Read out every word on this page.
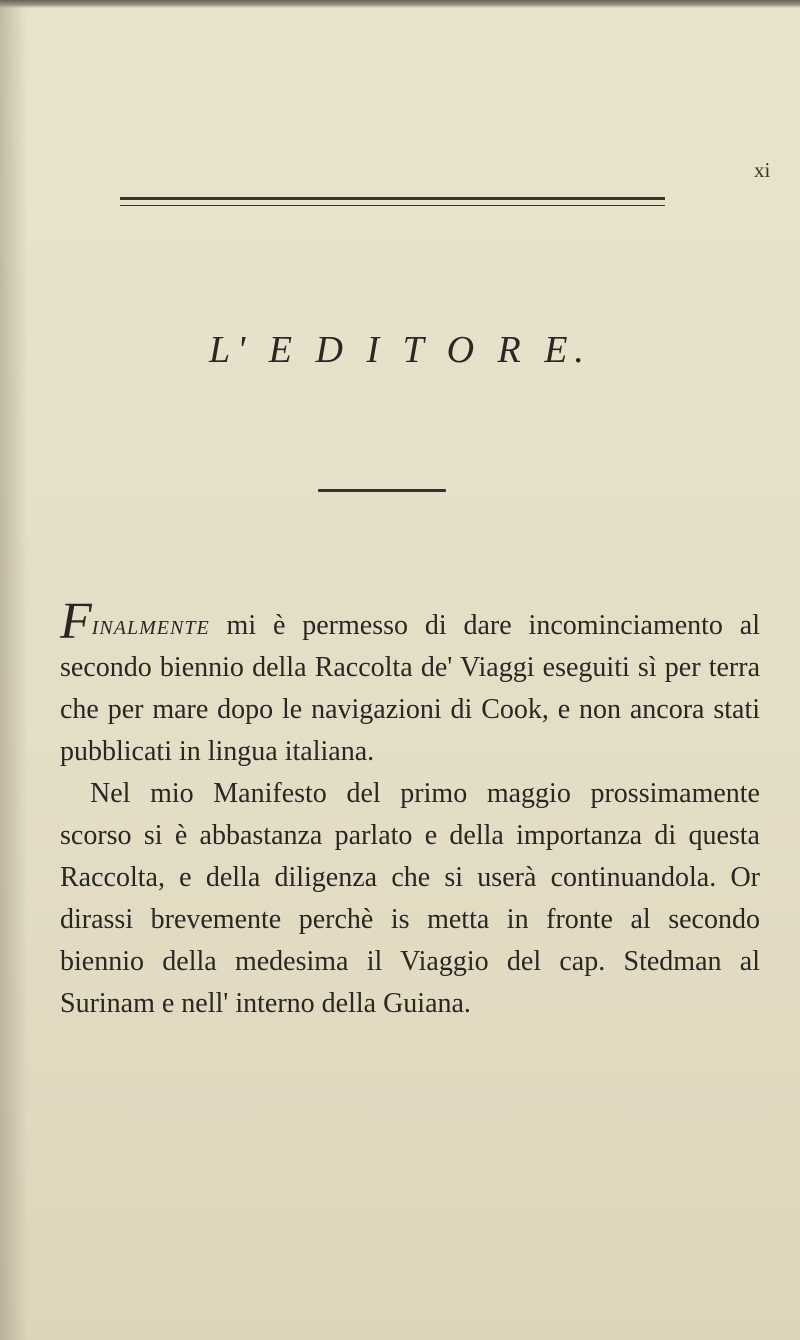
xi
L' E D I T O R E.

Finalmente mi è permesso di dare incominciamento al secondo biennio della Raccolta de' Viaggi eseguiti sì per terra che per mare dopo le navigazioni di Cook, e non ancora stati pubblicati in lingua italiana.

Nel mio Manifesto del primo maggio prossimamente scorso si è abbastanza parlato e della importanza di questa Raccolta, e della diligenza che si userà continuandola. Or dirassi brevemente perchè is metta in fronte al secondo biennio della medesima il Viaggio del cap. Stedman al Surinam e nell' interno della Guiana.
